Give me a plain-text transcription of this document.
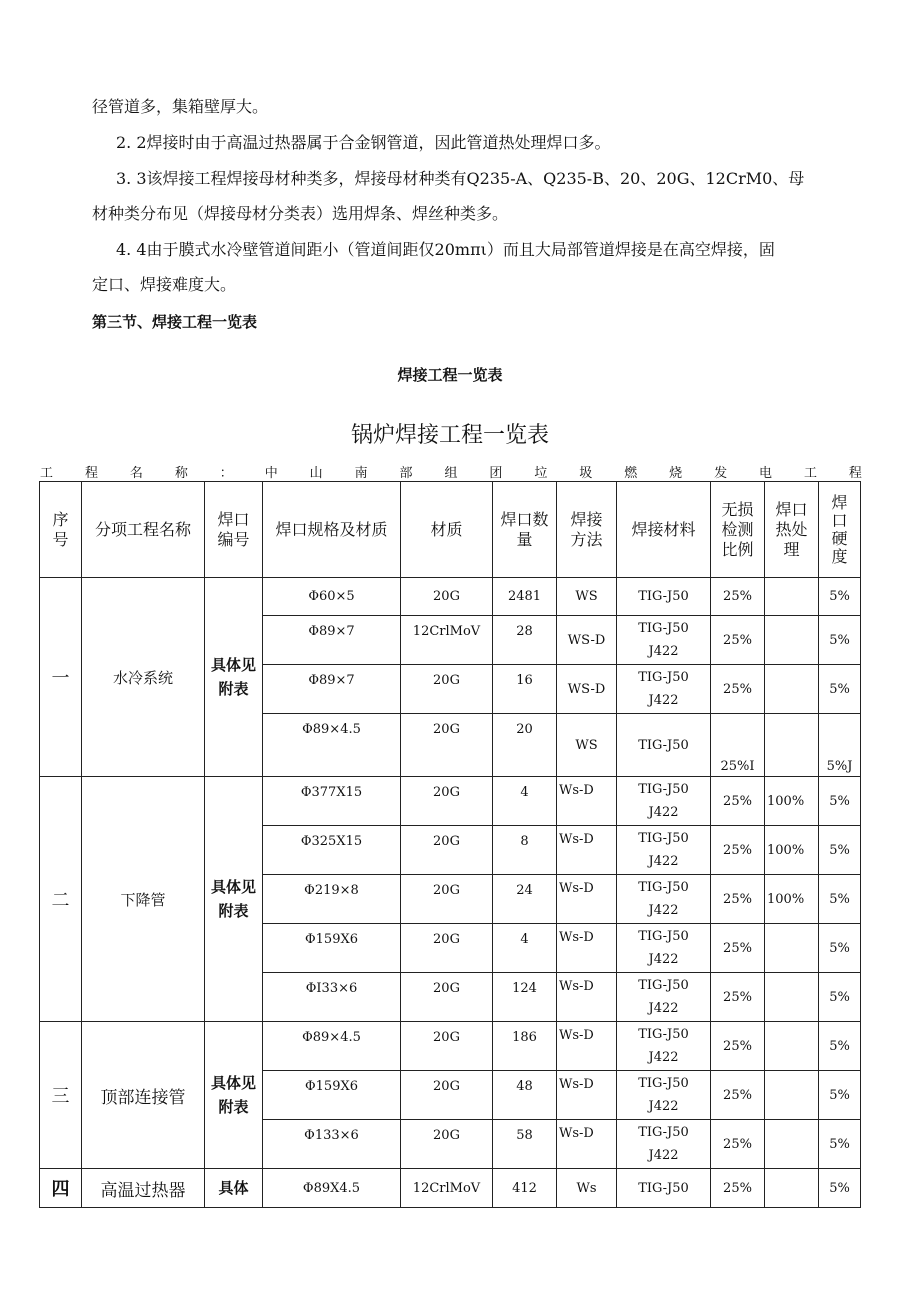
径管道多，集箱壁厚大。

2. 2焊接时由于高温过热器属于合金钢管道，因此管道热处理焊口多。

3. 3该焊接工程焊接母材种类多，焊接母材种类有Q235-A、Q235-B、20、20G、12CrM0、母

材种类分布见（焊接母材分类表）选用焊条、焊丝种类多。

4. 4由于膜式水冷壁管道间距小（管道间距仅20mπι）而且大局部管道焊接是在高空焊接，固

定口、焊接难度大。

第三节、焊接工程一览表
焊接工程一览表
锅炉焊接工程一览表
工 程 名 称 ： 中 山 南 部 组 团 垃 圾 燃 烧 发 电 工 程
序
号	分项工程名称	焊口
编号	焊口规格及材质	材质	焊口数
量	焊接
方法	焊接材料	无损
检测
比例	焊口
热处
理	焊
口
硬
度
一	水冷系统	具体见
附表	Φ60×5	20G	2481	WS	TIG-J50	25%		5%
			Φ89×7	12CrlMoV	28	WS-D	TIG-J50
J422	25%		5%
			Φ89×7	20G	16	WS-D	TIG-J50
J422	25%		5%
			Φ89×4.5	20G	20	WS	TIG-J50	25%I		5%J
二	下降管	具体见
附表	Φ377X15	20G	4	Ws-D	TIG-J50
J422	25%	100%	5%
			Φ325X15	20G	8	Ws-D	TIG-J50
J422	25%	100%	5%
			Φ219×8	20G	24	Ws-D	TIG-J50
J422	25%	100%	5%
			Φ159X6	20G	4	Ws-D	TIG-J50
J422	25%		5%
			ΦI33×6	20G	124	Ws-D	TIG-J50
J422	25%		5%
三	顶部连接管	具体见
附表	Φ89×4.5	20G	186	Ws-D	TIG-J50
J422	25%		5%
			Φ159X6	20G	48	Ws-D	TIG-J50
J422	25%		5%
			Φ133×6	20G	58	Ws-D	TIG-J50
J422	25%		5%
四	高温过热器	具体	Φ89X4.5	12CrlMoV	412	Ws	TIG-J50	25%		5%
